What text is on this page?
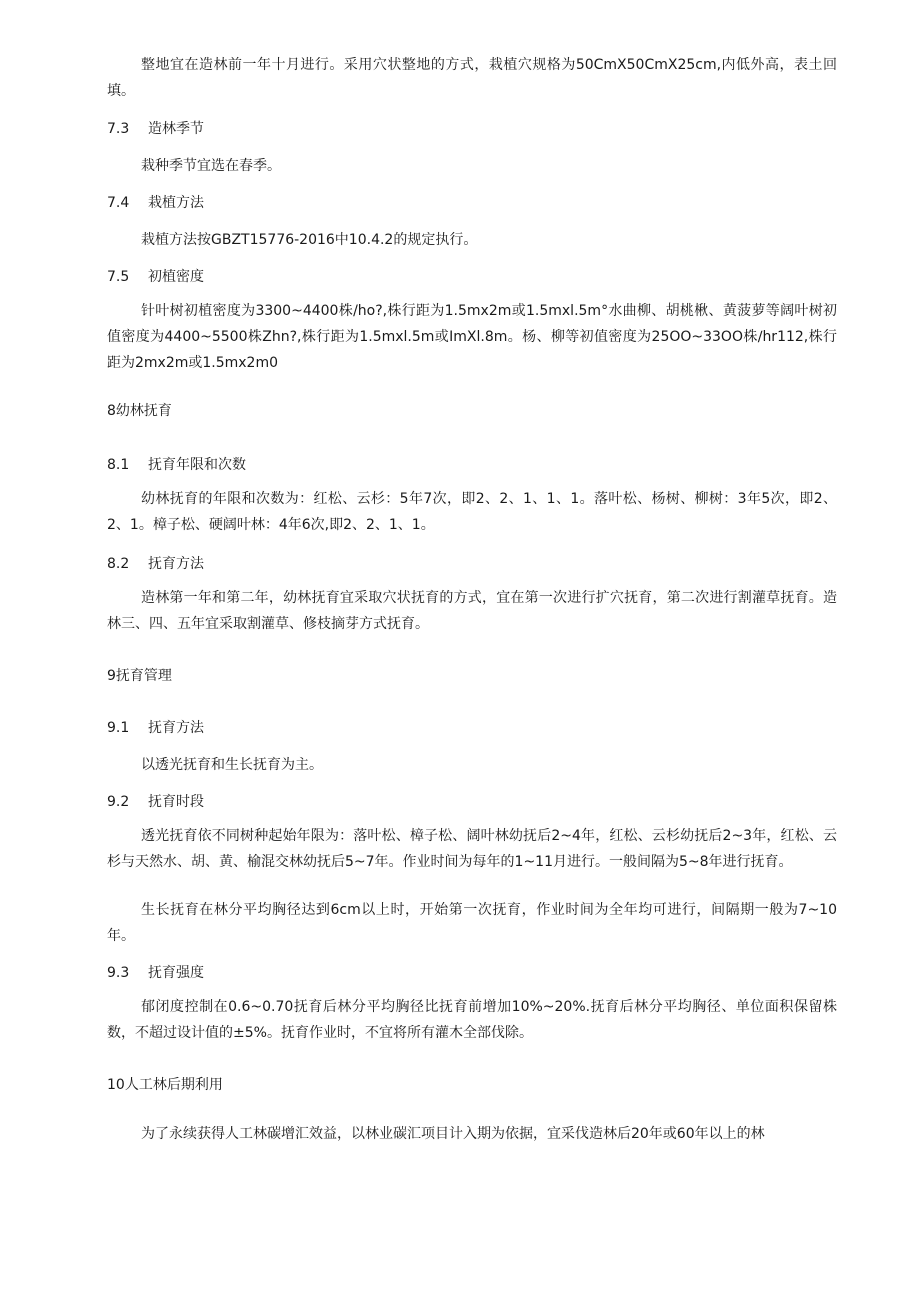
整地宜在造林前一年十月进行。采用穴状整地的方式，栽植穴规格为50CmX50CmX25cm,内低外高，表土回填。
7.3 造林季节
栽种季节宜选在春季。
7.4 栽植方法
栽植方法按GBZT15776-2016中10.4.2的规定执行。
7.5 初植密度
针叶树初植密度为3300~4400株/ho?,株行距为1.5mx2m或1.5mxl.5m°水曲柳、胡桃楸、黄菠萝等阔叶树初值密度为4400~5500株Zhn?,株行距为1.5mxl.5m或ImXl.8m。杨、柳等初值密度为25OO~33OO株∕hr112,株行距为2mx2m或1.5mx2m0
8幼林抚育
8.1 抚育年限和次数
幼林抚育的年限和次数为：红松、云杉：5年7次，即2、2、1、1、1。落叶松、杨树、柳树：3年5次，即2、2、1。樟子松、硬阔叶林：4年6次,即2、2、1、1。
8.2 抚育方法
造林第一年和第二年，幼林抚育宜采取穴状抚育的方式，宜在第一次进行扩穴抚育，第二次进行割灌草抚育。造林三、四、五年宜采取割灌草、修枝摘芽方式抚育。
9抚育管理
9.1 抚育方法
以透光抚育和生长抚育为主。
9.2 抚育时段
透光抚育依不同树种起始年限为：落叶松、樟子松、阔叶林幼抚后2~4年，红松、云杉幼抚后2~3年，红松、云杉与天然水、胡、黄、榆混交林幼抚后5~7年。作业时间为每年的1~11月进行。一般间隔为5~8年进行抚育。
生长抚育在林分平均胸径达到6cm以上时，开始第一次抚育，作业时间为全年均可进行，间隔期一般为7~10年。
9.3 抚育强度
郁闭度控制在0.6~0.70抚育后林分平均胸径比抚育前增加10%~20%.抚育后林分平均胸径、单位面积保留株数，不超过设计值的±5%。抚育作业时，不宜将所有灌木全部伐除。
10人工林后期利用
为了永续获得人工林碳增汇效益，以林业碳汇项目计入期为依据，宜采伐造林后20年或60年以上的林
